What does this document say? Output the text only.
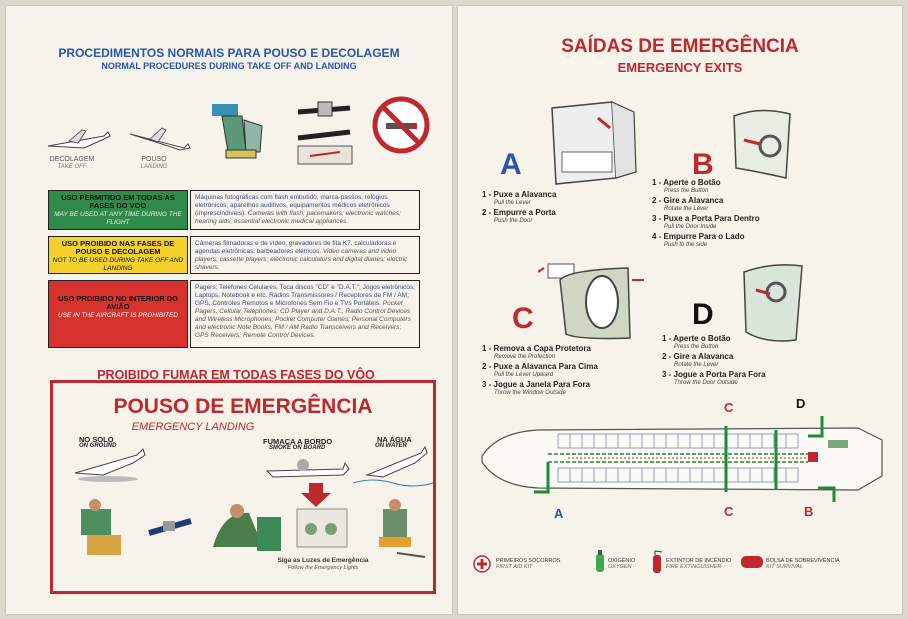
PROCEDIMENTOS NORMAIS PARA POUSO E DECOLAGEM
NORMAL PROCEDURES DURING TAKE OFF AND LANDING
DECOLAGEM
TAKE OFF
POUSO
LANDING
USO PERMITIDO EM TODAS AS FASES DO VOO
MAY BE USED AT ANY TIME DURING THE FLIGHT
Máquinas fotográficas com flash embutido, marca-passos, relógios eletrônicos; aparelhos auditivos, equipamentos médicos eletrônicos (imprescindíveis). Cameras with flash; pacemakers; electronic watches; hearing aids; essential electronic medical appliances.
USO PROIBIDO NAS FASES DE POUSO E DECOLAGEM
NOT TO BE USED DURING TAKE OFF AND LANDING
Câmeras filmadoras e de vídeo, gravadores de fita K7, calculadoras e agendas eletrônicas, barbeadores elétricos. Video cameras and video players; cassette players; electronic calculators and digital diaries; electric shavers.
USO PROIBIDO NO INTERIOR DO AVIÃO
USE IN THE AIRCRAFT IS PROHIBITED
Pagers; Telefones Celulares, Toca discos "CD" e "D.A.T.", Jogos eletrônicos; Laptops, Notebook e etc. Rádios Transmissores / Receptores de FM / AM; GPS, Controles Remotos e Microfones Sem Fio e TVs Portáteis. Pocket Pagers, Cellular Telephones; CD Player and D.A.T., Radio Control Devices and Wireless Microphones; Pocket Computer Games; Personal Computers and electronic Note Books, FM / AM Radio Transceivers and Receivers; GPS Receivers, Remote Control Devices.
PROIBIDO FUMAR EM TODAS FASES DO VÔO
POUSO DE EMERGÊNCIA
EMERGENCY LANDING
NO SOLO
ON GROUND	FUMAÇA A BORDO
SMOKE ON BOARD
NA ÁGUA
ON WATER
Siga as Luzes de Emergência
Follow the Emergency Lights
SAÍDAS DE EMERGÊNCIA
EMERGENCY EXITS
A
1 - Puxe a Alavanca
Pull the Lever
2 - Empurre a Porta
Push the Door
B
1 - Aperte o Botão
Press the Button
2 - Gire a Alavanca
Rotate the Lever
3 - Puxe a Porta Para Dentro
Pull the Door Inside
4 - Empurre Para o Lado
Push to the side
C
1 - Remova a Capa Protetora
Remove the Protection
2 - Puxe a Alavanca Para Cima
Pull the Lever Upward
3 - Jogue a Janela Para Fora
Throw the Window Outside
D
1 - Aperte o Botão
Press the Button
2 - Gire a Alavanca
Rotate the Lever
3 - Jogue a Porta Para Fora
Throw the Door Outside
C	D
A	C	B
PRIMEIROS SOCORROS
FIRST AID KIT
OXIGÊNIO
OXYGEN
EXTINTOR DE INCÊNDIO
FIRE EXTINGUISHER
BOLSA DE SOBREVIVÊNCIA
KIT SURVIVAL
